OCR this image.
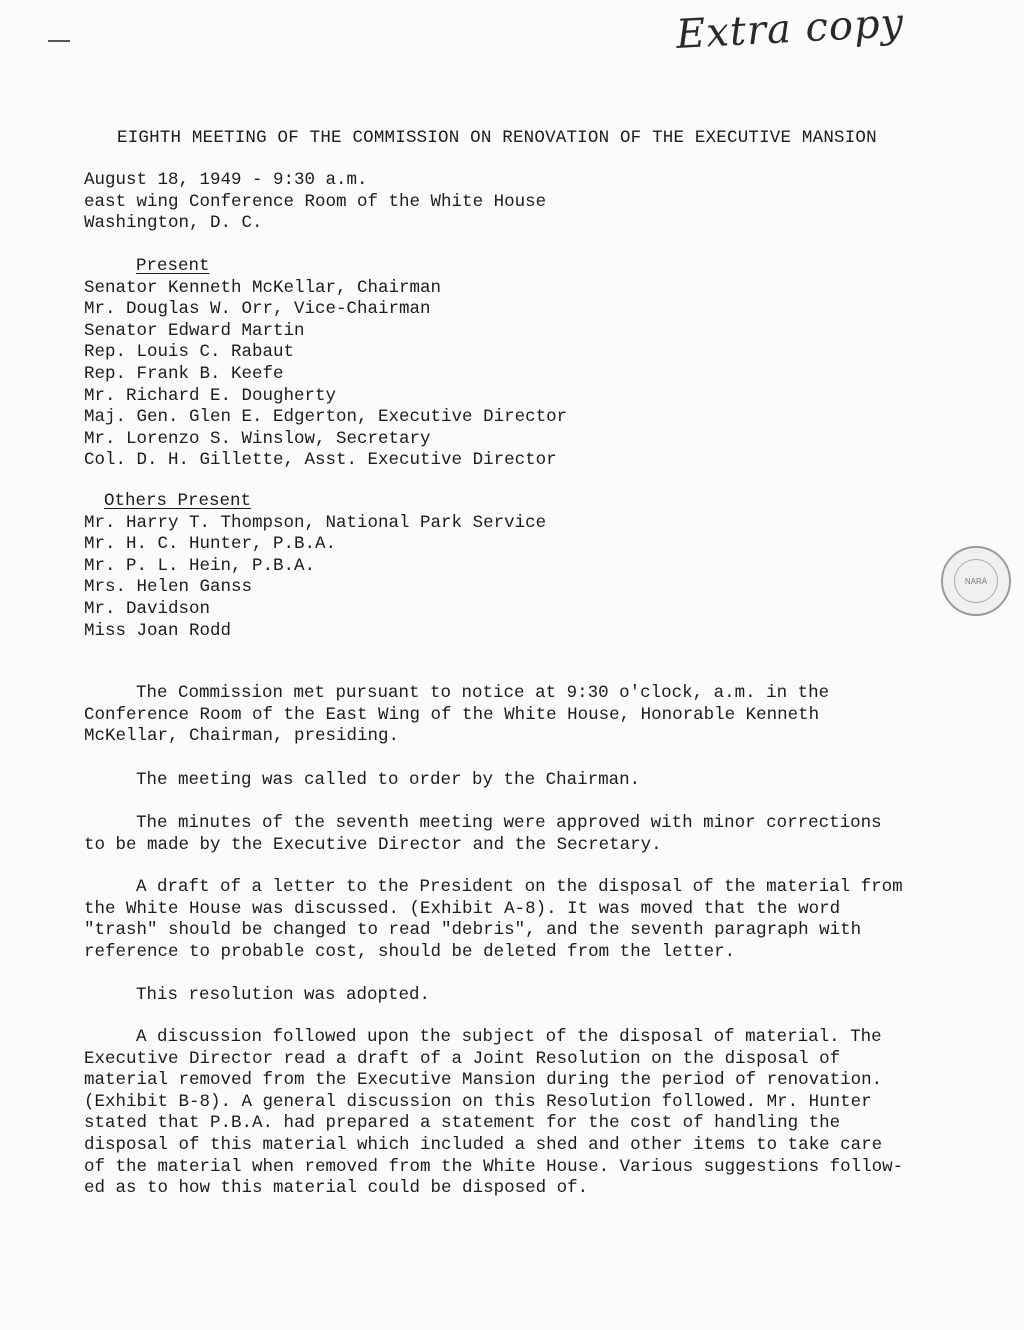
Extra copy
EIGHTH MEETING OF THE COMMISSION ON RENOVATION OF THE EXECUTIVE MANSION
August 18, 1949 - 9:30 a.m.
east wing Conference Room of the White House
Washington, D. C.
Present
Senator Kenneth McKellar, Chairman
Mr. Douglas W. Orr, Vice-Chairman
Senator Edward Martin
Rep. Louis C. Rabaut
Rep. Frank B. Keefe
Mr. Richard E. Dougherty
Maj. Gen. Glen E. Edgerton, Executive Director
Mr. Lorenzo S. Winslow, Secretary
Col. D. H. Gillette, Asst. Executive Director
Others Present
Mr. Harry T. Thompson, National Park Service
Mr. H. C. Hunter, P.B.A.
Mr. P. L. Hein, P.B.A.
Mrs. Helen Ganss
Mr. Davidson
Miss Joan Rodd
NARA
The Commission met pursuant to notice at 9:30 o'clock, a.m. in the
Conference Room of the East Wing of the White House, Honorable Kenneth
McKellar, Chairman, presiding.
The meeting was called to order by the Chairman.
The minutes of the seventh meeting were approved with minor corrections
to be made by the Executive Director and the Secretary.
A draft of a letter to the President on the disposal of the material from
the White House was discussed. (Exhibit A-8). It was moved that the word
"trash" should be changed to read "debris", and the seventh paragraph with
reference to probable cost, should be deleted from the letter.
This resolution was adopted.
A discussion followed upon the subject of the disposal of material. The
Executive Director read a draft of a Joint Resolution on the disposal of
material removed from the Executive Mansion during the period of renovation.
(Exhibit B-8). A general discussion on this Resolution followed. Mr. Hunter
stated that P.B.A. had prepared a statement for the cost of handling the
disposal of this material which included a shed and other items to take care
of the material when removed from the White House. Various suggestions follow-
ed as to how this material could be disposed of.
